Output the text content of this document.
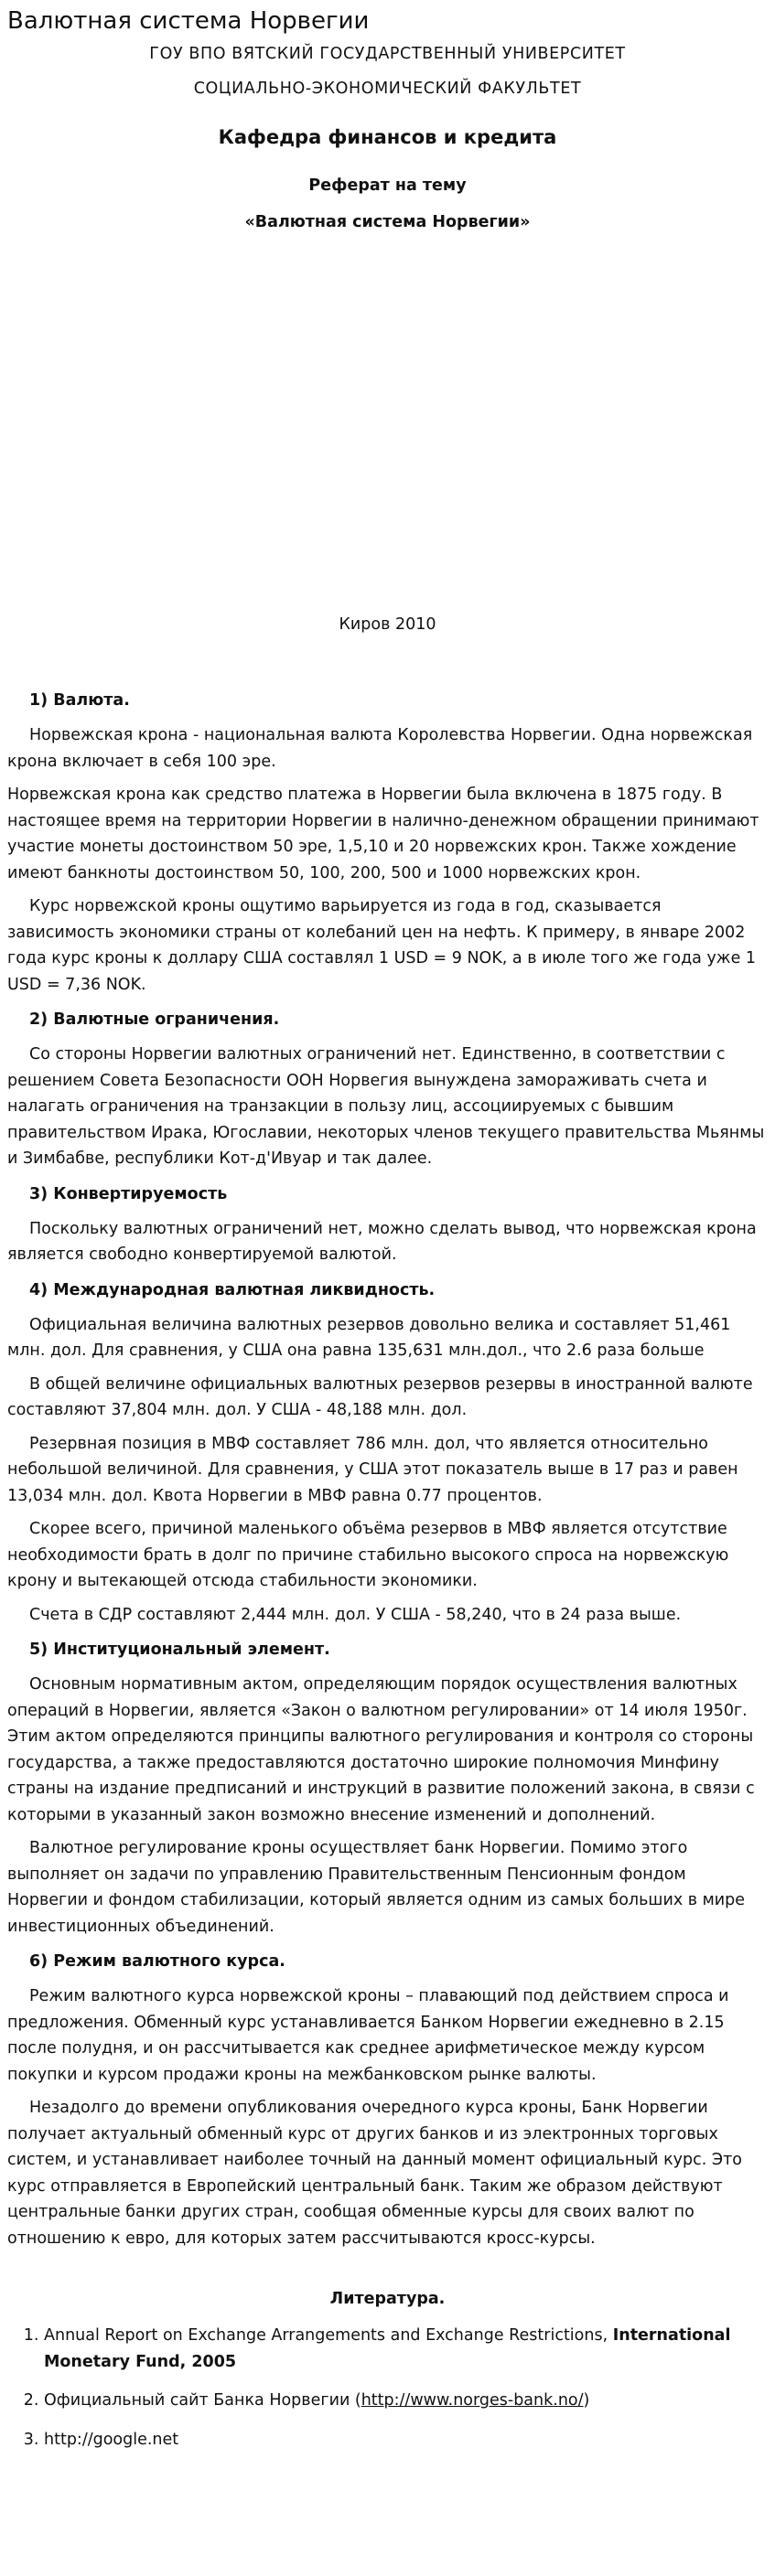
Валютная система Норвегии
ГОУ ВПО ВЯТСКИЙ ГОСУДАРСТВЕННЫЙ УНИВЕРСИТЕТ
СОЦИАЛЬНО-ЭКОНОМИЧЕСКИЙ ФАКУЛЬТЕТ
Кафедра финансов и кредита
Реферат на тему
«Валютная система Норвегии»
Киров 2010
1) Валюта.

Норвежская крона - национальная валюта Королевства Норвегии. Одна норвежская крона включает в себя 100 эре.

Норвежская крона как средство платежа в Норвегии была включена в 1875 году. В настоящее время на территории Норвегии в налично-денежном обращении принимают участие монеты достоинством 50 эре, 1,5,10 и 20 норвежских крон. Также хождение имеют банкноты достоинством 50, 100, 200, 500 и 1000 норвежских крон.

Курс норвежской кроны ощутимо варьируется из года в год, сказывается зависимость экономики страны от колебаний цен на нефть. К примеру, в январе 2002 года курс кроны к доллару США составлял 1 USD = 9 NOK, а в июле того же года уже 1 USD = 7,36 NOK.

2) Валютные ограничения.

Со стороны Норвегии валютных ограничений нет. Единственно, в соответствии с решением Совета Безопасности ООН Норвегия вынуждена замораживать счета и налагать ограничения на транзакции в пользу лиц, ассоциируемых с бывшим правительством Ирака, Югославии, некоторых членов текущего правительства Мьянмы и Зимбабве, республики Кот-д'Ивуар и так далее.

3) Конвертируемость

Поскольку валютных ограничений нет, можно сделать вывод, что норвежская крона является свободно конвертируемой валютой.

4) Международная валютная ликвидность.

Официальная величина валютных резервов довольно велика и составляет 51,461 млн. дол. Для сравнения, у США она равна 135,631 млн.дол., что 2.6 раза больше

В общей величине официальных валютных резервов резервы в иностранной валюте составляют 37,804 млн. дол. У США - 48,188 млн. дол.

Резервная позиция в МВФ составляет 786 млн. дол, что является относительно небольшой величиной. Для сравнения, у США этот показатель выше в 17 раз и равен 13,034 млн. дол. Квота Норвегии в МВФ равна 0.77 процентов.

Скорее всего, причиной маленького объёма резервов в МВФ является отсутствие необходимости брать в долг по причине стабильно высокого спроса на норвежскую крону и вытекающей отсюда стабильности экономики.

Счета в СДР составляют 2,444 млн. дол. У США - 58,240, что в 24 раза выше.

5) Институциональный элемент.

Основным нормативным актом, определяющим порядок осуществления валютных операций в Норвегии, является «Закон о валютном регулировании» от 14 июля 1950г. Этим актом определяются принципы валютного регулирования и контроля со стороны государства, а также предоставляются достаточно широкие полномочия Минфину страны на издание предписаний и инструкций в развитие положений закона, в связи с которыми в указанный закон возможно внесение изменений и дополнений.

Валютное регулирование кроны осуществляет банк Норвегии. Помимо этого выполняет он задачи по управлению Правительственным Пенсионным фондом Норвегии и фондом стабилизации, который является одним из самых больших в мире инвестиционных объединений.

6) Режим валютного курса.

Режим валютного курса норвежской кроны – плавающий под действием спроса и предложения. Обменный курс устанавливается Банком Норвегии ежедневно в 2.15 после полудня, и он рассчитывается как среднее арифметическое между курсом покупки и курсом продажи кроны на межбанковском рынке валюты.

Незадолго до времени опубликования очередного курса кроны, Банк Норвегии получает актуальный обменный курс от других банков и из электронных торговых систем, и устанавливает наиболее точный на данный момент официальный курс. Это курс отправляется в Европейский центральный банк. Таким же образом действуют центральные банки других стран, сообщая обменные курсы для своих валют по отношению к евро, для которых затем рассчитываются кросс-курсы.

Литература.
1. Annual Report on Exchange Arrangements and Exchange Restrictions, International Monetary Fund, 2005
2. Официальный сайт Банка Норвегии (http://www.norges-bank.no/)
3. http://google.net
